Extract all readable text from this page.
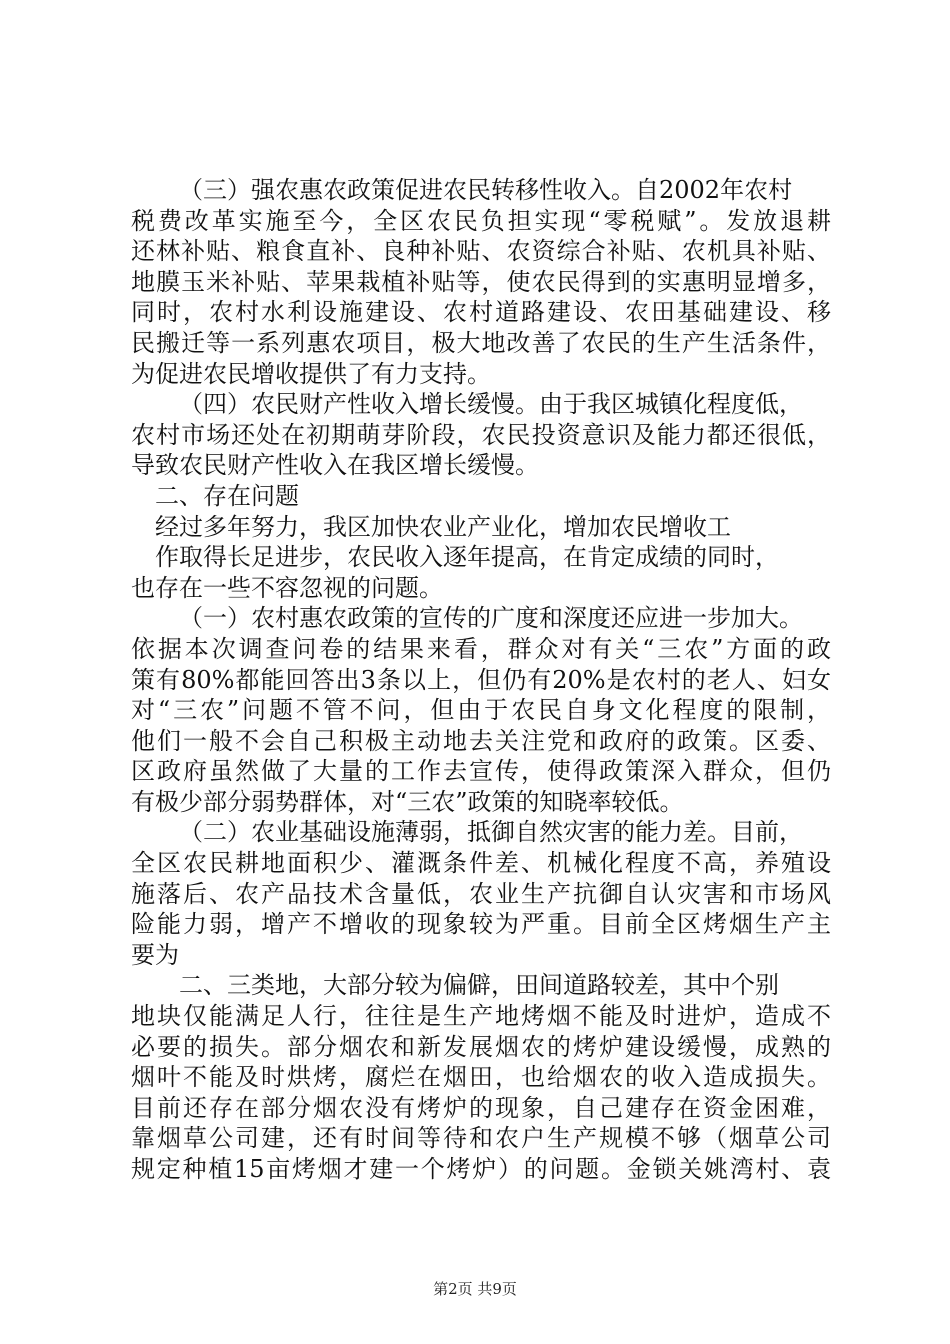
（三）强农惠农政策促进农民转移性收入。自2002年农村
税费改革实施至今，全区农民负担实现“零税赋”。发放退耕
还林补贴、粮食直补、良种补贴、农资综合补贴、农机具补贴、
地膜玉米补贴、苹果栽植补贴等，使农民得到的实惠明显增多，
同时，农村水利设施建设、农村道路建设、农田基础建设、移
民搬迁等一系列惠农项目，极大地改善了农民的生产生活条件，
为促进农民增收提供了有力支持。
（四）农民财产性收入增长缓慢。由于我区城镇化程度低，
农村市场还处在初期萌芽阶段，农民投资意识及能力都还很低，
导致农民财产性收入在我区增长缓慢。
二、存在问题
经过多年努力，我区加快农业产业化，增加农民增收工
作取得长足进步，农民收入逐年提高，在肯定成绩的同时，
也存在一些不容忽视的问题。
（一）农村惠农政策的宣传的广度和深度还应进一步加大。
依据本次调查问卷的结果来看，群众对有关“三农”方面的政
策有80%都能回答出3条以上，但仍有20%是农村的老人、妇女
对“三农”问题不管不问，但由于农民自身文化程度的限制，
他们一般不会自己积极主动地去关注党和政府的政策。区委、
区政府虽然做了大量的工作去宣传，使得政策深入群众，但仍
有极少部分弱势群体，对“三农”政策的知晓率较低。
（二）农业基础设施薄弱，抵御自然灾害的能力差。目前，
全区农民耕地面积少、灌溉条件差、机械化程度不高，养殖设
施落后、农产品技术含量低，农业生产抗御自认灾害和市场风
险能力弱，增产不增收的现象较为严重。目前全区烤烟生产主
要为
二、三类地，大部分较为偏僻，田间道路较差，其中个别
地块仅能满足人行，往往是生产地烤烟不能及时进炉，造成不
必要的损失。部分烟农和新发展烟农的烤炉建设缓慢，成熟的
烟叶不能及时烘烤，腐烂在烟田，也给烟农的收入造成损失。
目前还存在部分烟农没有烤炉的现象，自己建存在资金困难，
靠烟草公司建，还有时间等待和农户生产规模不够（烟草公司
规定种植15亩烤烟才建一个烤炉）的问题。金锁关姚湾村、袁
第2页 共9页
